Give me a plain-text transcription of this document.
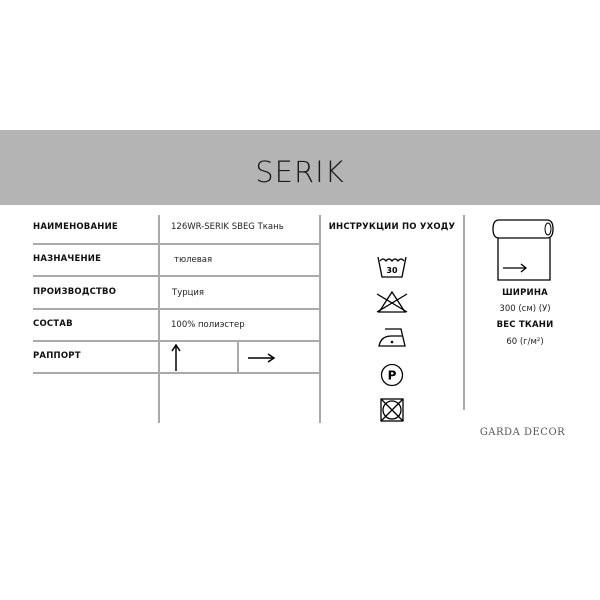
SERIK
НАИМЕНОВАНИЕ	126WR-SERIK SBEG Ткань
НАЗНАЧЕНИЕ	тюлевая
ПРОИЗВОДСТВО	Турция
СОСТАВ	100% полиэстер
РАППОРТ
ИНСТРУКЦИИ ПО УХОДУ
30
P
ШИРИНА
300 (см) (У)
ВЕС ТКАНИ
60 (г/м²)
GARDA DECOR
